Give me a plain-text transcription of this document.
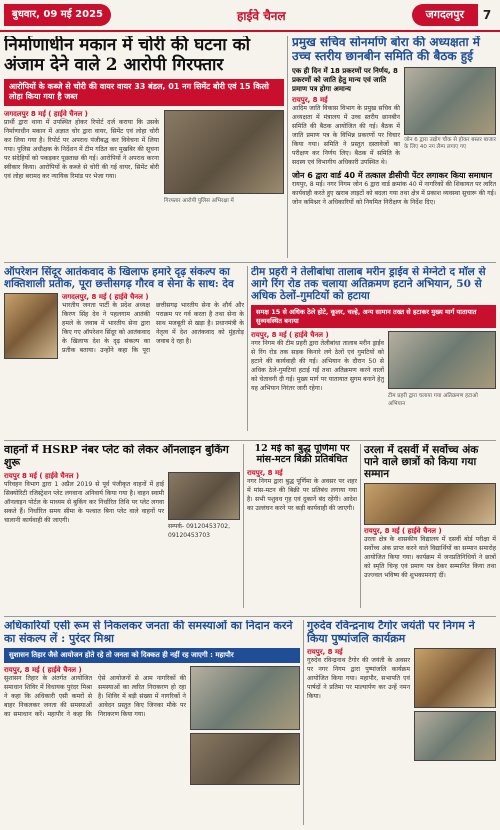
बुधवार, 09 मई 2025	हाईवे चैनल	जगदलपुर	7
निर्माणाधीन मकान में चोरी की घटना को अंजाम देने वाले 2 आरोपी गिरफ्तार
आरोपियों के कब्जे से चोरी की वायर वायर 33 बंडल, 01 नग सिमेंट बोरी एवं 15 किलो लोहा किया गया है जब्त
जगदलपुर 8 मई ( हाईवे चैनल )
प्रार्थी द्वारा थाना में उपस्थित होकर रिपोर्ट दर्ज कराया कि उसके निर्माणाधीन मकान में अज्ञात चोर द्वारा वायर, सिमेंट एवं लोहा चोरी कर लिया गया है। रिपोर्ट पर अपराध पंजीबद्ध कर विवेचना में लिया गया। पुलिस अधीक्षक के निर्देशन में टीम गठित कर मुखबिर की सूचना पर संदेहियों को पकड़कर पूछताछ की गई। आरोपियों ने अपराध करना स्वीकार किया। आरोपियों के कब्जे से चोरी की गई वायर, सिमेंट बोरी एवं लोहा बरामद कर न्यायिक रिमांड पर भेजा गया।
गिरफ्तार आरोपी पुलिस अभिरक्षा में
प्रमुख सचिव सोनमणि बोरा की अध्यक्षता में उच्च स्तरीय छानबीन समिति की बैठक हुई
एक ही दिन में 18 प्रकरणों पर निर्णय, 8 प्रकरणों को जाति हेतु मान्य एवं जाति प्रमाण पत्र होगा अमान्य
रायपुर, 8 मई
आदिम जाति विकास विभाग के प्रमुख सचिव की अध्यक्षता में मंत्रालय में उच्च स्तरीय छानबीन समिति की बैठक आयोजित की गई। बैठक में जाति प्रमाण पत्र के विभिन्न प्रकरणों पर विचार किया गया। समिति ने प्रस्तुत दस्तावेजों का परीक्षण कर निर्णय लिए। बैठक में समिति के सदस्य एवं विभागीय अधिकारी उपस्थित थे।
जोन 6 द्वारा उद्योग चौक से होकर बस्तर बाजार के लिए 40 नग लैम्प लगाए गए
जोन 6 द्वारा वार्ड 40 में तत्काल डीसीपी पेंटर लगाकर किया समाधान
रायपुर, 8 मई। नगर निगम जोन 6 द्वारा वार्ड क्रमांक 40 में नागरिकों की शिकायत पर त्वरित कार्यवाही करते हुए खराब लाइटों को बदला गया तथा क्षेत्र में प्रकाश व्यवस्था सुचारू की गई। जोन कमिश्नर ने अधिकारियों को नियमित निरीक्षण के निर्देश दिए।
ऑपरेशन सिंदूर आतंकवाद के खिलाफ हमारे दृढ़ संकल्प का शक्तिशाली प्रतीक, पूरा छत्तीसगढ़ गौरव व सेना के साथ: देव
जगदलपुर, 8 मई ( हाईवे चैनल )
भारतीय जनता पार्टी के प्रदेश अध्यक्ष किरण सिंह देव ने पहलगाम आतंकी हमले के जवाब में भारतीय सेना द्वारा किए गए ऑपरेशन सिंदूर को आतंकवाद के खिलाफ देश के दृढ़ संकल्प का प्रतीक बताया। उन्होंने कहा कि पूरा छत्तीसगढ़ भारतीय सेना के शौर्य और पराक्रम पर गर्व करता है तथा सेना के साथ मजबूती से खड़ा है। प्रधानमंत्री के नेतृत्व में देश आतंकवाद को मुंहतोड़ जवाब दे रहा है।
टीम प्रहरी ने तेलीबांधा तालाब मरीन ड्राईव से मेग्नेटो द मॉल से आगे रिंग रोड तक चलाया अतिक्रमण हटाने अभियान, 50 से अधिक ठेलों-गुमटियों को हटाया
समक्ष 15 से अधिक ठेले होटे, कूलर, चल्हे, अन्य सामान तख्त से हटाकर मुख्य मार्ग यातायात सुव्यवस्थित बनाया
रायपुर, 8 मई ( हाईवे चैनल )
नगर निगम की टीम प्रहरी द्वारा तेलीबांधा तालाब मरीन ड्राईव से रिंग रोड तक सड़क किनारे लगे ठेलों एवं गुमटियों को हटाने की कार्यवाही की गई। अभियान के दौरान 50 से अधिक ठेले-गुमटियां हटाई गईं तथा अतिक्रमण करने वालों को चेतावनी दी गई। मुख्य मार्ग पर यातायात सुगम बनाने हेतु यह अभियान निरंतर जारी रहेगा।
टीम प्रहरी द्वारा चलाया गया अतिक्रमण हटाओ अभियान
वाहनों में HSRP नंबर प्लेट को लेकर ऑनलाइन बुकिंग शुरू
रायपुर 8 मई ( हाईवे चैनल )
परिवहन विभाग द्वारा 1 अप्रैल 2019 से पूर्व पंजीकृत वाहनों में हाई सिक्योरिटी रजिस्ट्रेशन प्लेट लगवाना अनिवार्य किया गया है। वाहन स्वामी ऑनलाइन पोर्टल के माध्यम से बुकिंग कर निर्धारित तिथि पर प्लेट लगवा सकते हैं। निर्धारित समय सीमा के पश्चात बिना प्लेट वाले वाहनों पर चालानी कार्यवाही की जाएगी।
सम्पर्क- 09120453702, 09120453703
12 मई को बुद्ध पूर्णिमा पर मांस-मटन बिक्री प्रतिबंधित
रायपुर, 8 मई
नगर निगम द्वारा बुद्ध पूर्णिमा के अवसर पर शहर में मांस-मटन की बिक्री पर प्रतिबंध लगाया गया है। सभी पशुवध गृह एवं दुकानें बंद रहेंगी। आदेश का उल्लंघन करने पर कड़ी कार्यवाही की जाएगी।
उरला में दसवीं में सर्वोच्च अंक पाने वाले छात्रों को किया गया सम्मान
रायपुर, 8 मई ( हाईवे चैनल )
उरला क्षेत्र के शासकीय विद्यालय में दसवीं बोर्ड परीक्षा में सर्वोच्च अंक प्राप्त करने वाले विद्यार्थियों का सम्मान समारोह आयोजित किया गया। कार्यक्रम में जनप्रतिनिधियों ने छात्रों को स्मृति चिन्ह एवं प्रमाण पत्र देकर सम्मानित किया तथा उज्ज्वल भविष्य की शुभकामनाएं दीं।
अधिकारियों एसी रूम से निकलकर जनता की समस्याओं का निदान करने का संकल्प लें : पुरंदर मिश्रा
सुशासन तिहार जैसे आयोजन होते रहे तो जनता को दिक्कत ही नहीं रह जाएगी : महापौर
रायपुर, 8 मई ( हाईवे चैनल )
सुशासन तिहार के अंतर्गत आयोजित समाधान शिविर में विधायक पुरंदर मिश्रा ने कहा कि अधिकारी एसी कमरों से बाहर निकलकर जनता की समस्याओं का समाधान करें। महापौर ने कहा कि ऐसे आयोजनों से आम नागरिकों की समस्याओं का त्वरित निराकरण हो रहा है। शिविर में बड़ी संख्या में नागरिकों ने आवेदन प्रस्तुत किए जिनका मौके पर निराकरण किया गया।
गुरुदेव रविन्द्रनाथ टैगोर जयंती पर निगम ने किया पुष्पांजलि कार्यक्रम
रायपुर, 8 मई
गुरुदेव रविन्द्रनाथ टैगोर की जयंती के अवसर पर नगर निगम द्वारा पुष्पांजलि कार्यक्रम आयोजित किया गया। महापौर, सभापति एवं पार्षदों ने प्रतिमा पर माल्यार्पण कर उन्हें नमन किया।
